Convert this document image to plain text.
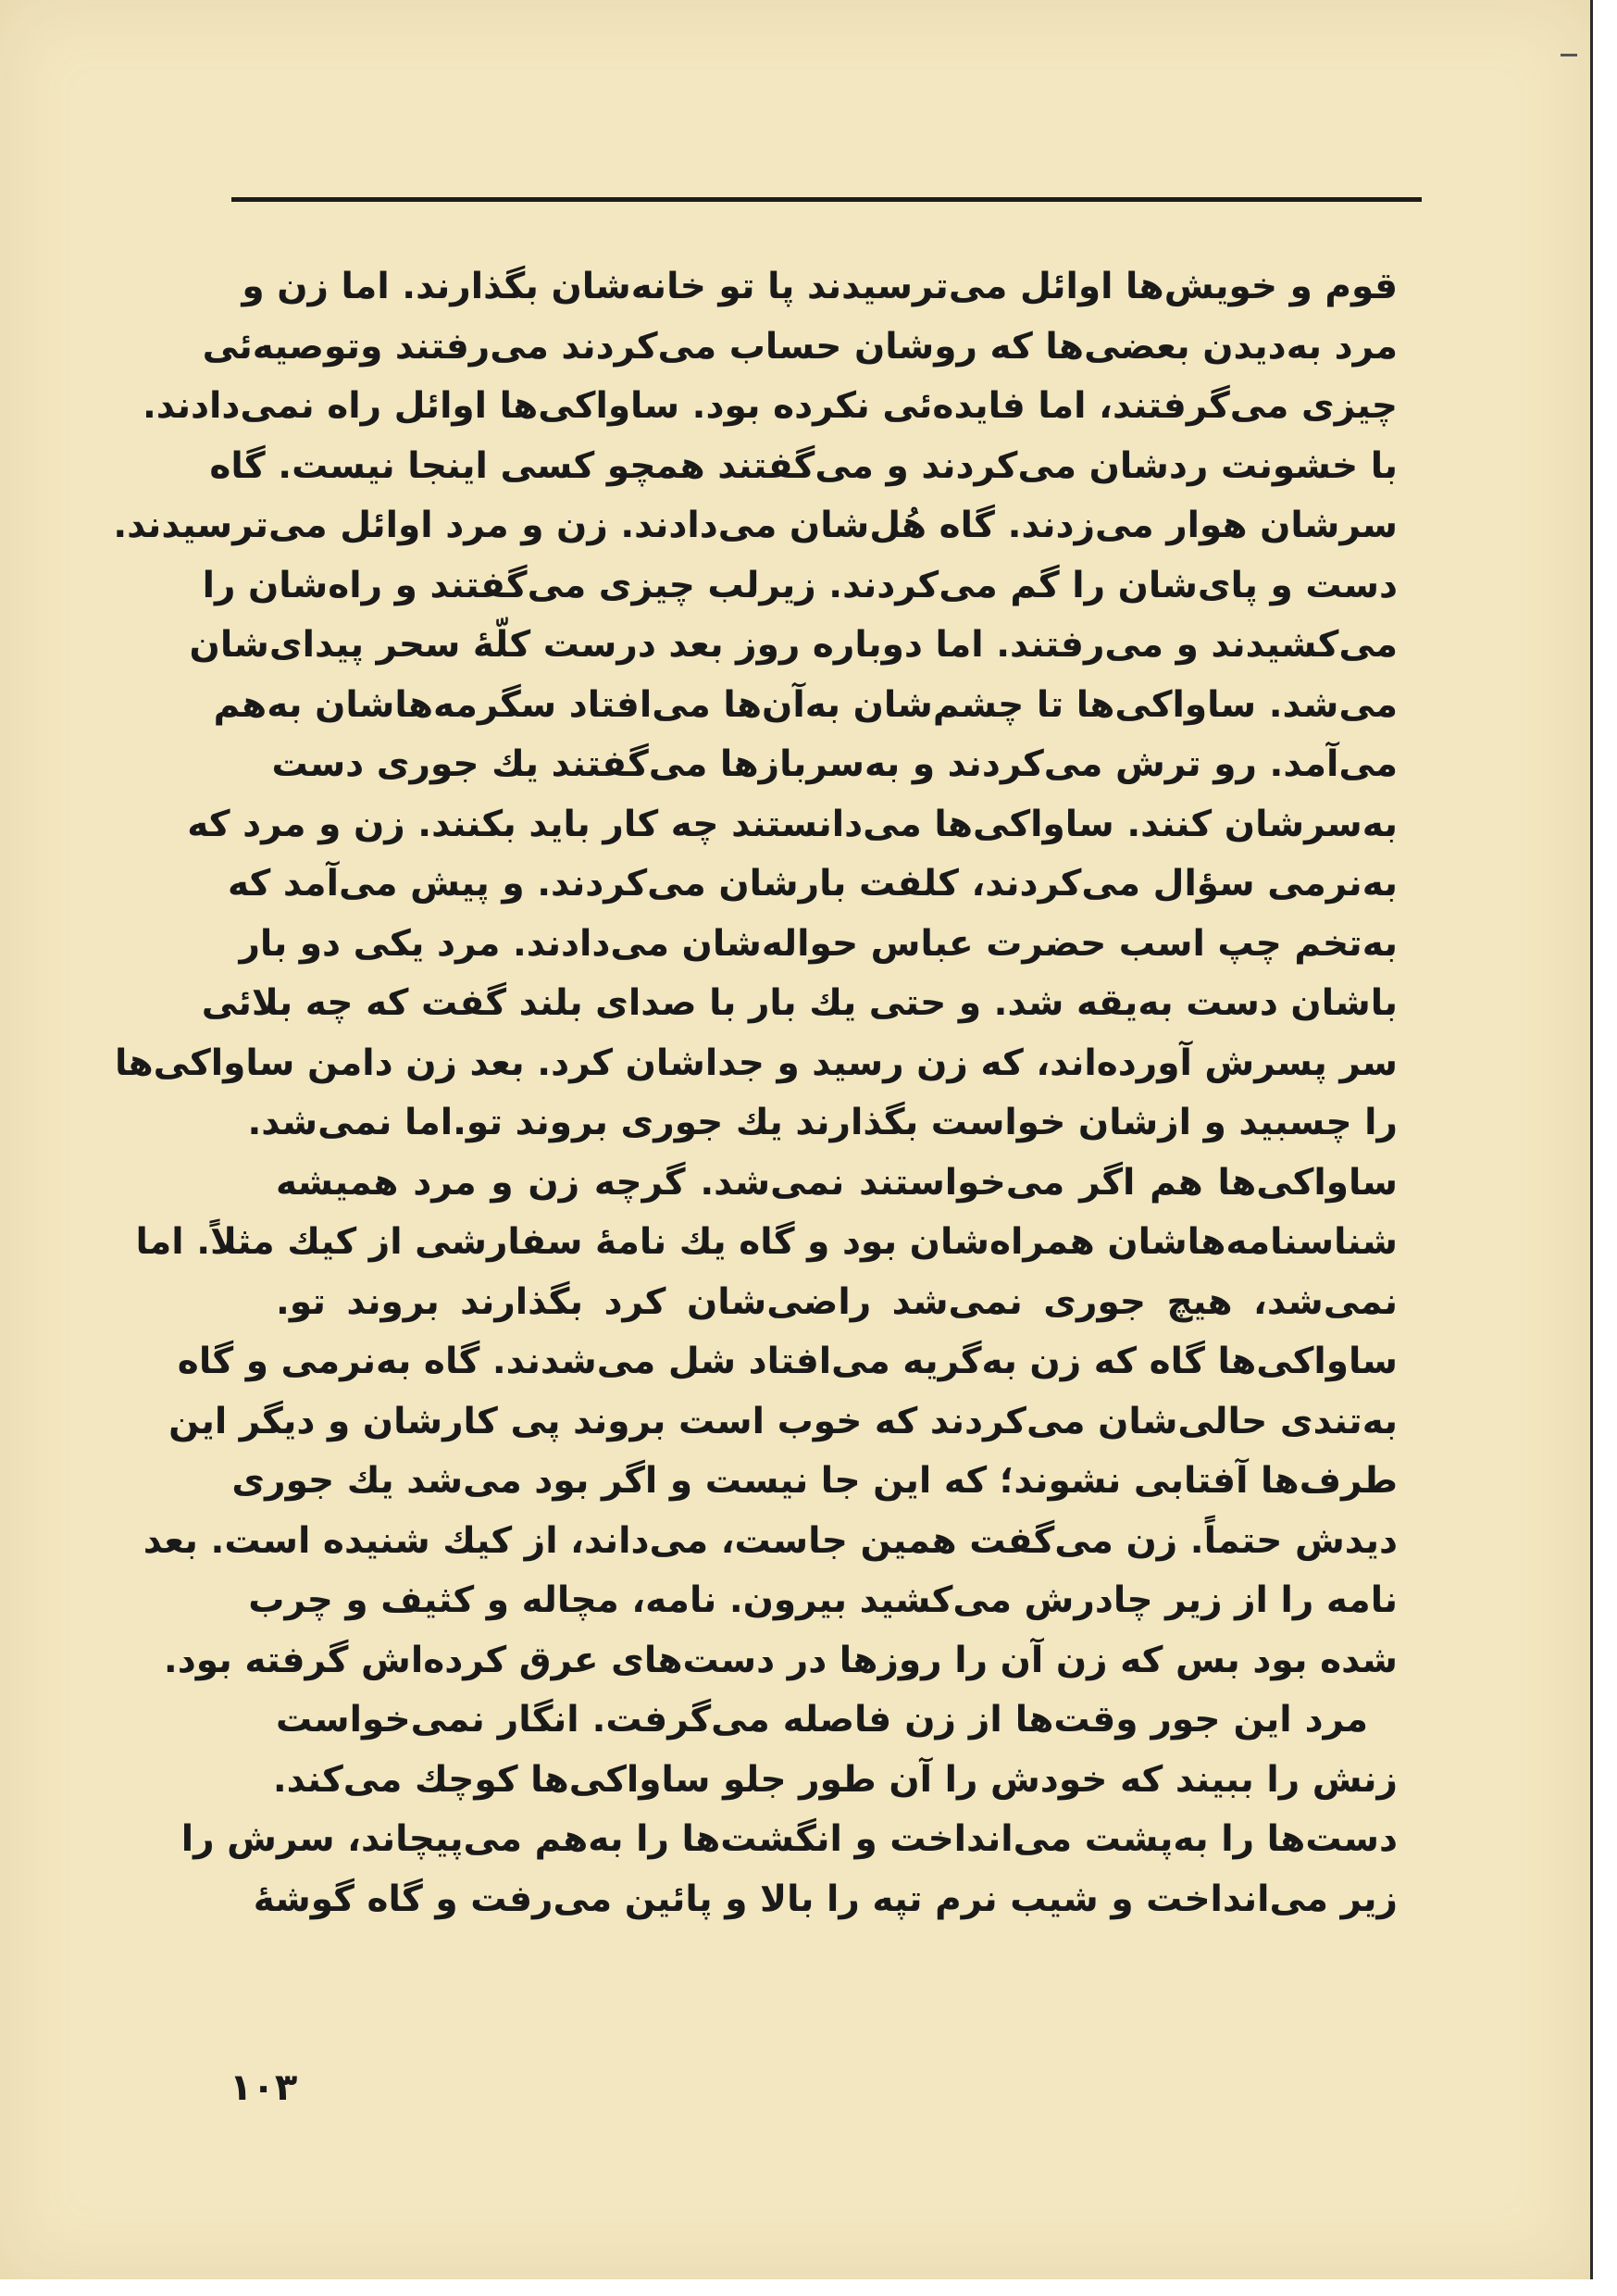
قوم و خویش‌ها اوائل می‌ترسیدند پا تو خانه‌شان بگذارند. اما زن و
مرد به‌دیدن بعضی‌ها که روشان حساب می‌کردند می‌رفتند وتوصیه‌ئی
چیزی می‌گرفتند، اما فایده‌ئی نکرده بود. ساواکی‌ها اوائل راه نمی‌دادند.
با خشونت ردشان می‌کردند و می‌گفتند همچو کسی اینجا نیست. گاه
سرشان هوار می‌زدند. گاه هُل‌شان می‌دادند. زن و مرد اوائل می‌ترسیدند.
دست و پای‌شان را گم می‌کردند. زیرلب چیزی می‌گفتند و راه‌شان را
می‌کشیدند و می‌رفتند. اما دوباره روز بعد درست کلّهٔ سحر پیدای‌شان
می‌شد. ساواکی‌ها تا چشم‌شان به‌آن‌ها می‌افتاد سگرمه‌هاشان به‌هم
می‌آمد. رو ترش می‌کردند و به‌سربازها می‌گفتند یك جوری دست
به‌سرشان کنند. ساواکی‌ها می‌دانستند چه کار باید بکنند. زن و مرد که
به‌نرمی سؤال می‌کردند، کلفت بارشان می‌کردند. و پیش می‌آمد که
به‌تخم چپ اسب حضرت عباس حواله‌شان می‌دادند. مرد یکی دو بار
باشان دست به‌یقه شد. و حتی یك بار با صدای بلند گفت که چه بلائی
سر پسرش آورده‌اند، که زن رسید و جداشان کرد. بعد زن دامن ساواکی‌ها
را چسبید و ازشان خواست بگذارند یك جوری بروند تو.اما نمی‌شد.
ساواکی‌ها هم اگر می‌خواستند نمی‌شد. گرچه زن و مرد همیشه
شناسنامه‌هاشان همراه‌شان بود و گاه یك نامهٔ سفارشی از کیك مثلاً. اما
نمی‌شد، هیچ جوری نمی‌شد راضی‌شان کرد بگذارند بروند تو.
ساواکی‌ها گاه که زن به‌گریه می‌افتاد شل می‌شدند. گاه به‌نرمی و گاه
به‌تندی حالی‌شان می‌کردند که خوب است بروند پی کارشان و دیگر این
طرف‌ها آفتابی نشوند؛ که این جا نیست و اگر بود می‌شد یك جوری
دیدش حتماً. زن می‌گفت همین جاست، می‌داند، از کیك شنیده است. بعد
نامه را از زیر چادرش می‌کشید بیرون. نامه، مچاله و کثیف و چرب
شده بود بس که زن آن را روزها در دست‌های عرق کرده‌اش گرفته بود.
مرد این جور وقت‌ها از زن فاصله می‌گرفت. انگار نمی‌خواست
زنش را ببیند که خودش را آن طور جلو ساواکی‌ها کوچك می‌کند.
دست‌ها را به‌پشت می‌انداخت و انگشت‌ها را به‌هم می‌پیچاند، سرش را
زیر می‌انداخت و شیب نرم تپه را بالا و پائین می‌رفت و گاه گوشهٔ
۱۰۳
